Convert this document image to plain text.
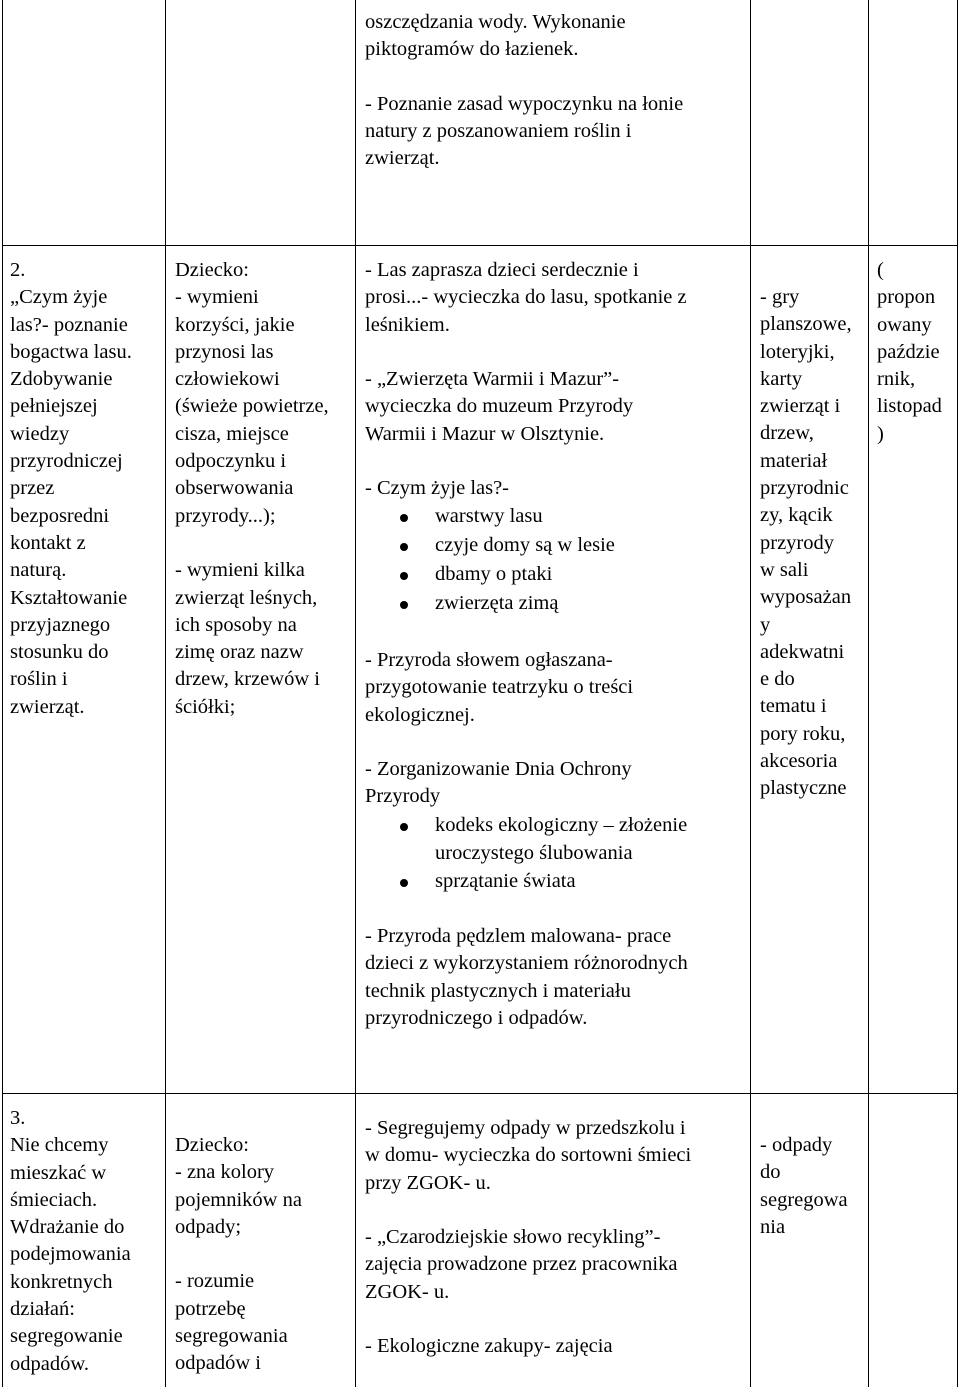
oszczędzania wody. Wykonanie
piktogramów do łazienek.

- Poznanie zasad wypoczynku na łonie
natury z poszanowaniem roślin i
zwierząt.
2.
„Czym żyje
las?- poznanie
bogactwa lasu.
Zdobywanie
pełniejszej
wiedzy
przyrodniczej
przez
bezposredni
kontakt z
naturą.
Kształtowanie
przyjaznego
stosunku do
roślin i
zwierząt.
Dziecko:
- wymieni
korzyści, jakie
przynosi las
człowiekowi
(świeże powietrze,
cisza, miejsce
odpoczynku i
obserwowania
przyrody...);

- wymieni kilka
zwierząt leśnych,
ich sposoby na
zimę oraz nazw
drzew, krzewów i
ściółki;
- Las zaprasza dzieci serdecznie i
prosi...- wycieczka do lasu, spotkanie z
leśnikiem.

- „Zwierzęta Warmii i Mazur”-
wycieczka do muzeum Przyrody
Warmii i Mazur w Olsztynie.

- Czym żyje las?-
warstwy lasu
czyje domy są w lesie
dbamy o ptaki
zwierzęta zimą
- Przyroda słowem ogłaszana-
przygotowanie teatrzyku o treści
ekologicznej.

- Zorganizowanie Dnia Ochrony
Przyrody
kodeks ekologiczny – złożenie
uroczystego ślubowania
sprzątanie świata
- Przyroda pędzlem malowana- prace
dzieci z wykorzystaniem różnorodnych
technik plastycznych i materiału
przyrodniczego i odpadów.
- gry
planszowe,
loteryjki,
karty
zwierząt i
drzew,
materiał
przyrodnic
zy, kącik
przyrody
w sali
wyposażan
y
adekwatni
e do
tematu i
pory roku,
akcesoria
plastyczne
(
propon
owany
paździe
rnik,
listopad
)
3.
Nie chcemy
mieszkać w
śmieciach.
Wdrażanie do
podejmowania
konkretnych
działań:
segregowanie
odpadów.
Dziecko:
- zna kolory
pojemników na
odpady;

- rozumie
potrzebę
segregowania
odpadów i
- Segregujemy odpady w przedszkolu i
w domu- wycieczka do sortowni śmieci
przy ZGOK- u.

- „Czarodziejskie słowo recykling”-
zajęcia prowadzone przez pracownika
ZGOK- u.

- Ekologiczne zakupy- zajęcia
- odpady
do
segregowa
nia
